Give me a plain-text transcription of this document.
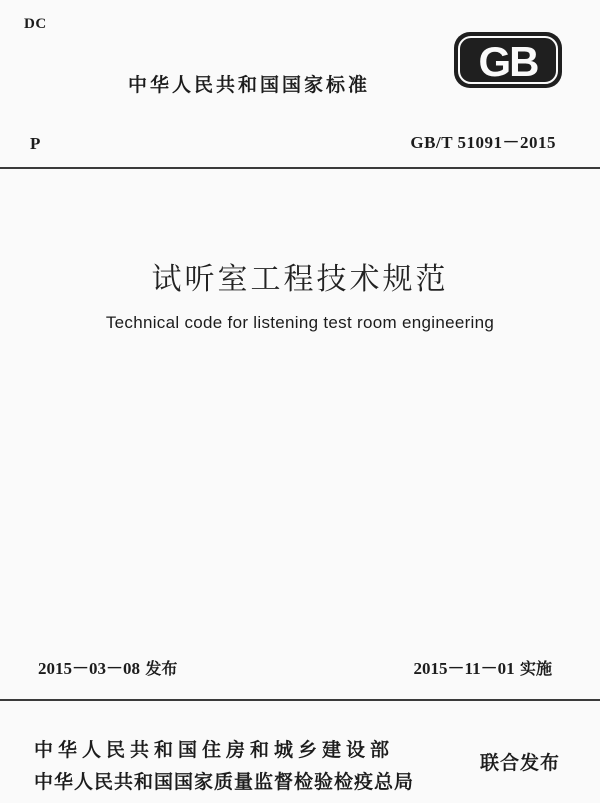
DC
中华人民共和国国家标准	GB
P	GB/T 51091－2015
试听室工程技术规范
Technical code for listening test room engineering
2015－03－08 发布	2015－11－01 实施
中华人民共和国住房和城乡建设部
中华人民共和国国家质量监督检验检疫总局
联合发布
